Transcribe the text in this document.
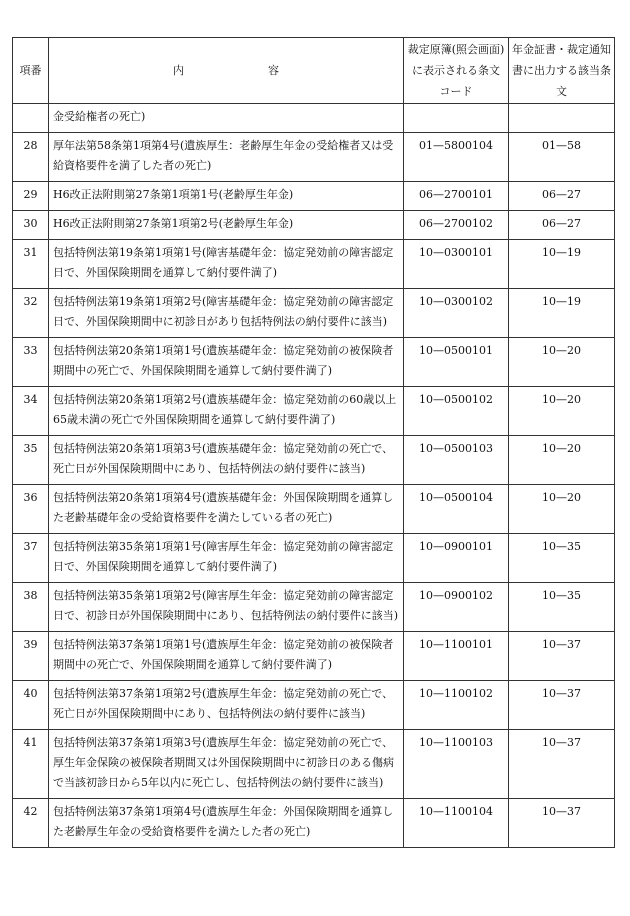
項番	内 容	裁定原簿(照会画面)に表示される条文コード	年金証書・裁定通知書に出力する該当条文
	金受給権者の死亡)		
28	厚年法第58条第1項第4号(遺族厚生：老齢厚生年金の受給権者又は受給資格要件を満了した者の死亡)	01—5800104	01—58
29	H6改正法附則第27条第1項第1号(老齢厚生年金)	06—2700101	06—27
30	H6改正法附則第27条第1項第2号(老齢厚生年金)	06—2700102	06—27
31	包括特例法第19条第1項第1号(障害基礎年金：協定発効前の障害認定日で、外国保険期間を通算して納付要件満了)	10—0300101	10—19
32	包括特例法第19条第1項第2号(障害基礎年金：協定発効前の障害認定日で、外国保険期間中に初診日があり包括特例法の納付要件に該当)	10—0300102	10—19
33	包括特例法第20条第1項第1号(遺族基礎年金：協定発効前の被保険者期間中の死亡で、外国保険期間を通算して納付要件満了)	10—0500101	10—20
34	包括特例法第20条第1項第2号(遺族基礎年金：協定発効前の60歳以上65歳未満の死亡で外国保険期間を通算して納付要件満了)	10—0500102	10—20
35	包括特例法第20条第1項第3号(遺族基礎年金：協定発効前の死亡で、死亡日が外国保険期間中にあり、包括特例法の納付要件に該当)	10—0500103	10—20
36	包括特例法第20条第1項第4号(遺族基礎年金：外国保険期間を通算した老齢基礎年金の受給資格要件を満たしている者の死亡)	10—0500104	10—20
37	包括特例法第35条第1項第1号(障害厚生年金：協定発効前の障害認定日で、外国保険期間を通算して納付要件満了)	10—0900101	10—35
38	包括特例法第35条第1項第2号(障害厚生年金：協定発効前の障害認定日で、初診日が外国保険期間中にあり、包括特例法の納付要件に該当)	10—0900102	10—35
39	包括特例法第37条第1項第1号(遺族厚生年金：協定発効前の被保険者期間中の死亡で、外国保険期間を通算して納付要件満了)	10—1100101	10—37
40	包括特例法第37条第1項第2号(遺族厚生年金：協定発効前の死亡で、死亡日が外国保険期間中にあり、包括特例法の納付要件に該当)	10—1100102	10—37
41	包括特例法第37条第1項第3号(遺族厚生年金：協定発効前の死亡で、厚生年金保険の被保険者期間又は外国保険期間中に初診日のある傷病で当該初診日から5年以内に死亡し、包括特例法の納付要件に該当)	10—1100103	10—37
42	包括特例法第37条第1項第4号(遺族厚生年金：外国保険期間を通算した老齢厚生年金の受給資格要件を満たした者の死亡)	10—1100104	10—37
